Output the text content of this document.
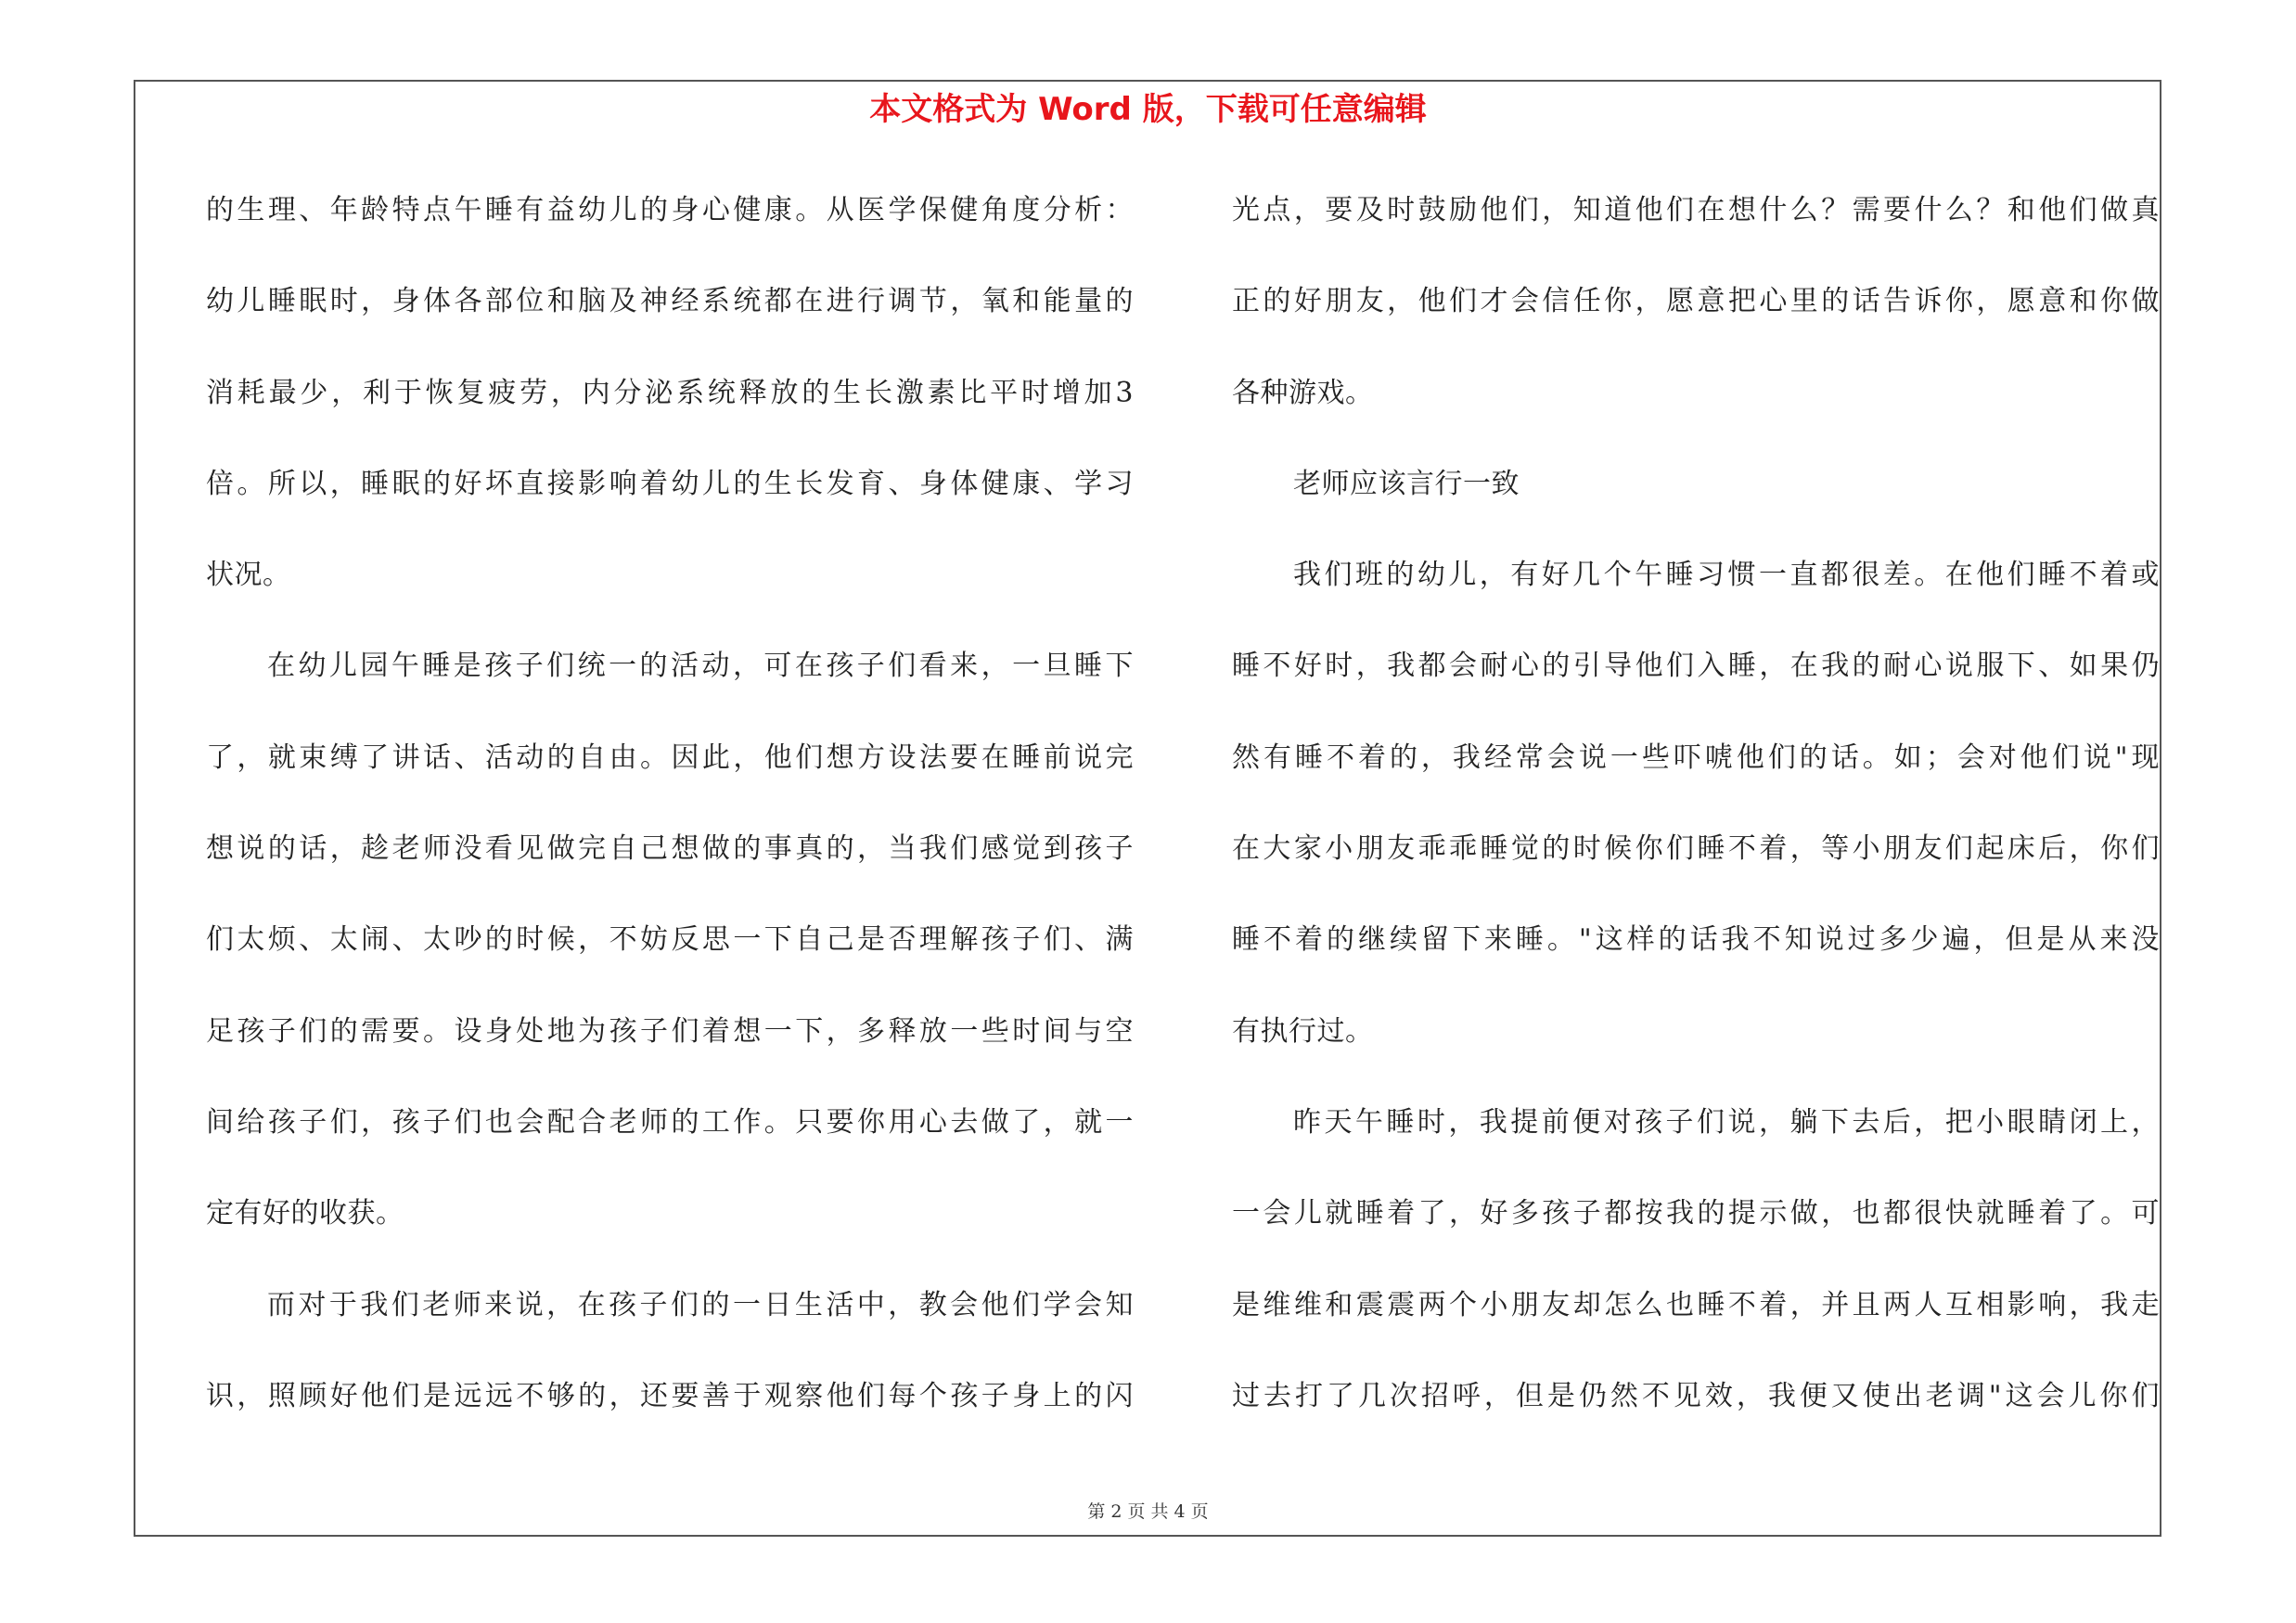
本文格式为 Word 版，下载可任意编辑
的生理、年龄特点午睡有益幼儿的身心健康。从医学保健角度分析：
幼儿睡眠时，身体各部位和脑及神经系统都在进行调节，氧和能量的
消耗最少，利于恢复疲劳，内分泌系统释放的生长激素比平时增加3
倍。所以，睡眠的好坏直接影响着幼儿的生长发育、身体健康、学习
状况。
在幼儿园午睡是孩子们统一的活动，可在孩子们看来，一旦睡下
了，就束缚了讲话、活动的自由。因此，他们想方设法要在睡前说完
想说的话，趁老师没看见做完自己想做的事真的，当我们感觉到孩子
们太烦、太闹、太吵的时候，不妨反思一下自己是否理解孩子们、满
足孩子们的需要。设身处地为孩子们着想一下，多释放一些时间与空
间给孩子们，孩子们也会配合老师的工作。只要你用心去做了，就一
定有好的收获。
而对于我们老师来说，在孩子们的一日生活中，教会他们学会知
识，照顾好他们是远远不够的，还要善于观察他们每个孩子身上的闪
光点，要及时鼓励他们，知道他们在想什么？需要什么？和他们做真
正的好朋友，他们才会信任你，愿意把心里的话告诉你，愿意和你做
各种游戏。
老师应该言行一致
我们班的幼儿，有好几个午睡习惯一直都很差。在他们睡不着或
睡不好时，我都会耐心的引导他们入睡，在我的耐心说服下、如果仍
然有睡不着的，我经常会说一些吓唬他们的话。如；会对他们说"现
在大家小朋友乖乖睡觉的时候你们睡不着，等小朋友们起床后，你们
睡不着的继续留下来睡。"这样的话我不知说过多少遍，但是从来没
有执行过。
昨天午睡时，我提前便对孩子们说，躺下去后，把小眼睛闭上，
一会儿就睡着了，好多孩子都按我的提示做，也都很快就睡着了。可
是维维和震震两个小朋友却怎么也睡不着，并且两人互相影响，我走
过去打了几次招呼，但是仍然不见效，我便又使出老调"这会儿你们
第 2 页 共 4 页
